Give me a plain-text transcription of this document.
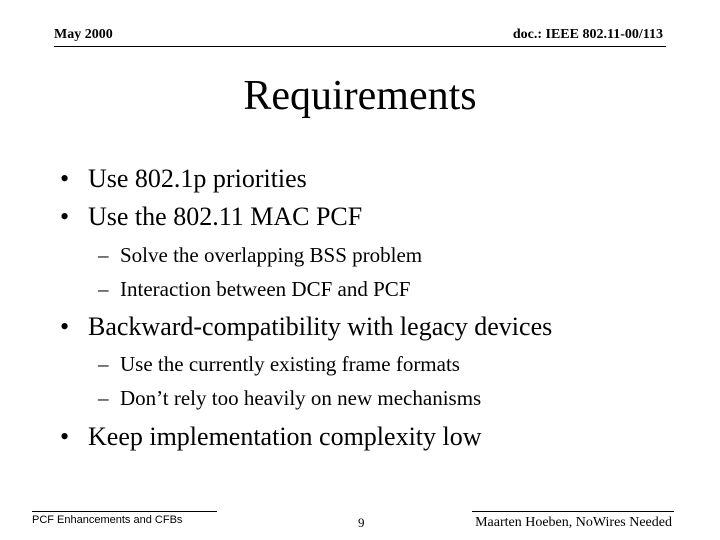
May 2000	doc.: IEEE 802.11-00/113
Requirements
• Use 802.1p priorities
• Use the 802.11 MAC PCF
– Solve the overlapping BSS problem
– Interaction between DCF and PCF
• Backward-compatibility with legacy devices
– Use the currently existing frame formats
– Don’t rely too heavily on new mechanisms
• Keep implementation complexity low
PCF Enhancements and CFBs	9	Maarten Hoeben, NoWires Needed
